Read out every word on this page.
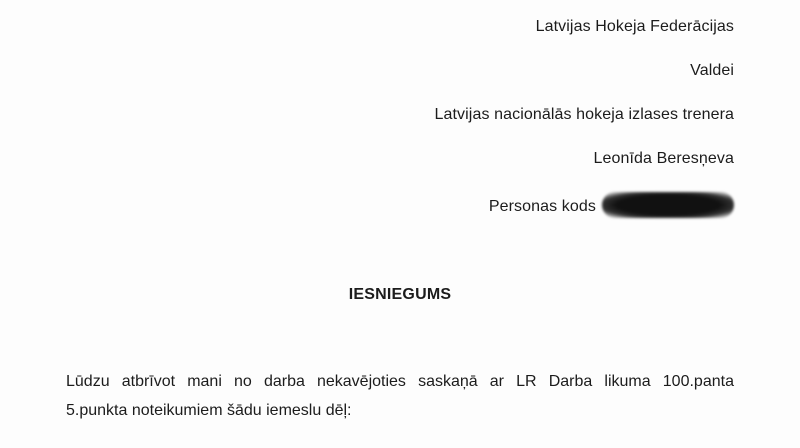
Latvijas Hokeja Federācijas
Valdei
Latvijas nacionālās hokeja izlases trenera
Leonīda Beresņeva
Personas kods
IESNIEGUMS
Lūdzu atbrīvot mani no darba nekavējoties saskaņā ar LR Darba likuma 100.panta
5.punkta noteikumiem šādu iemeslu dēļ:
